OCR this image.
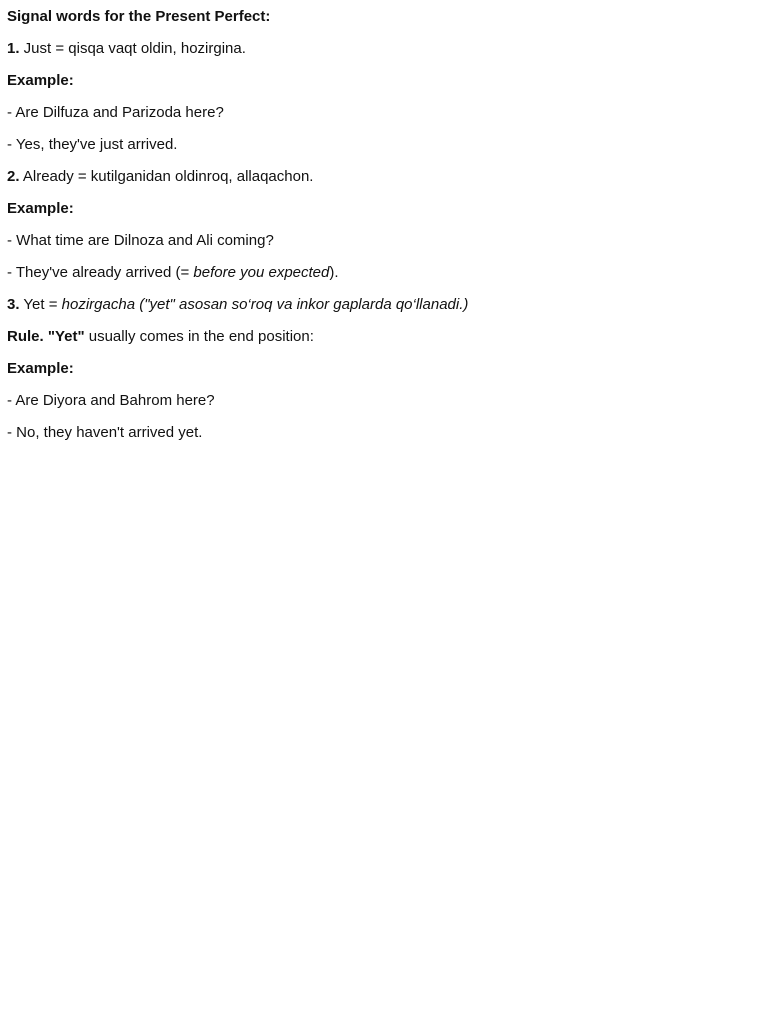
Signal words for the Present Perfect:
1. Just = qisqa vaqt oldin, hozirgina.
Example:
- Are Dilfuza and Parizoda here?
- Yes, they've just arrived.
2. Already = kutilganidan oldinroq, allaqachon.
Example:
- What time are Dilnoza and Ali coming?
- They've already arrived (= before you expected).
3. Yet = hozirgacha ("yet" asosan so‘roq va inkor gaplarda qo‘llanadi.)
Rule. "Yet" usually comes in the end position:
Example:
- Are Diyora and Bahrom here?
- No, they haven't arrived yet.
